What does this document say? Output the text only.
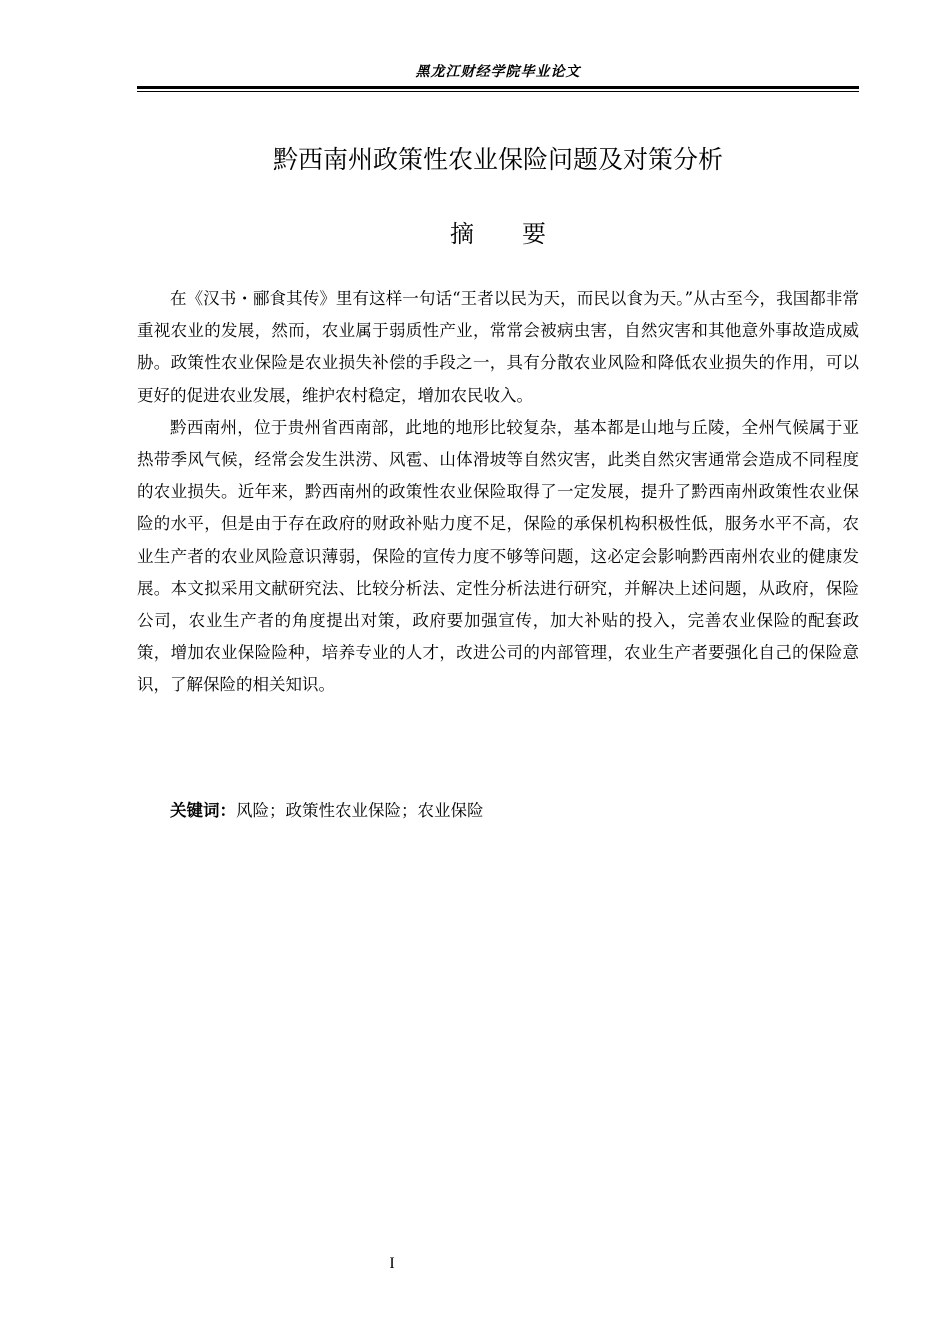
黑龙江财经学院毕业论文
黔西南州政策性农业保险问题及对策分析
摘要

在《汉书・郦食其传》里有这样一句话“王者以民为天，而民以食为天。”从古至今，我国都非常重视农业的发展，然而，农业属于弱质性产业，常常会被病虫害，自然灾害和其他意外事故造成威胁。政策性农业保险是农业损失补偿的手段之一，具有分散农业风险和降低农业损失的作用，可以更好的促进农业发展，维护农村稳定，增加农民收入。

黔西南州，位于贵州省西南部，此地的地形比较复杂，基本都是山地与丘陵，全州气候属于亚热带季风气候，经常会发生洪涝、风雹、山体滑坡等自然灾害，此类自然灾害通常会造成不同程度的农业损失。近年来，黔西南州的政策性农业保险取得了一定发展，提升了黔西南州政策性农业保险的水平，但是由于存在政府的财政补贴力度不足，保险的承保机构积极性低，服务水平不高，农业生产者的农业风险意识薄弱，保险的宣传力度不够等问题，这必定会影响黔西南州农业的健康发展。本文拟采用文献研究法、比较分析法、定性分析法进行研究，并解决上述问题，从政府，保险公司，农业生产者的角度提出对策，政府要加强宣传，加大补贴的投入，完善农业保险的配套政策，增加农业保险险种，培养专业的人才，改进公司的内部管理，农业生产者要强化自己的保险意识，了解保险的相关知识。

关键词：风险；政策性农业保险；农业保险
I
